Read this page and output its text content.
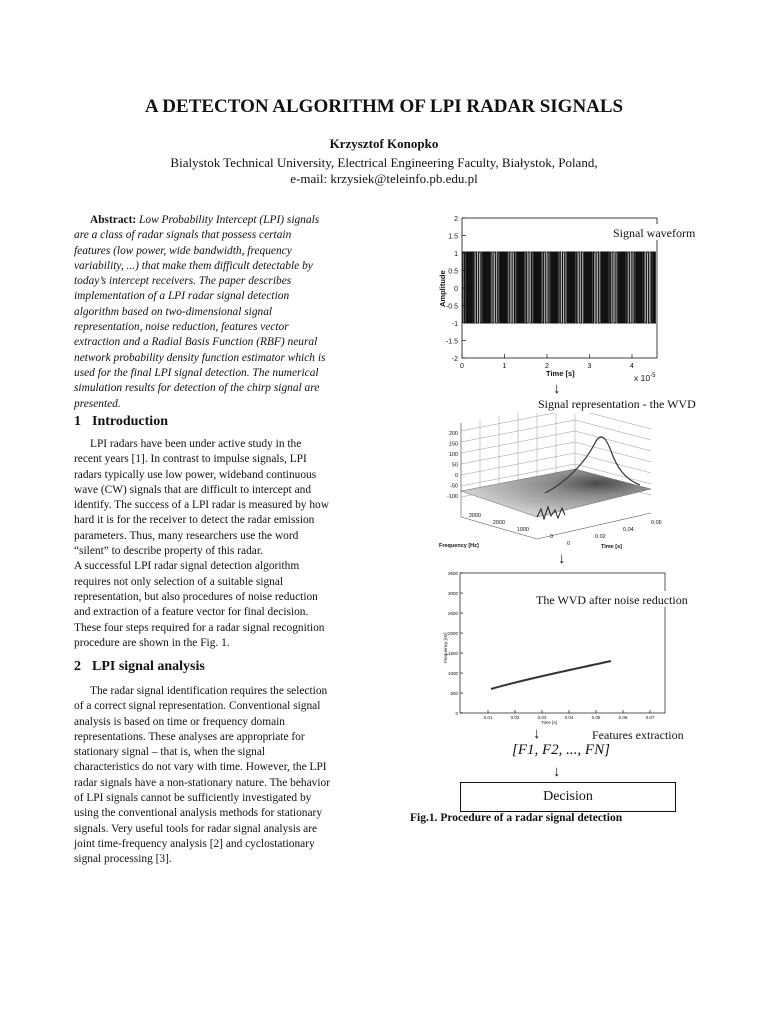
A DETECTON ALGORITHM OF LPI RADAR SIGNALS
Krzysztof Konopko
Bialystok Technical University, Electrical Engineering Faculty, Białystok, Poland,
e-mail: krzysiek@teleinfo.pb.edu.pl
Abstract: Low Probability Intercept (LPI) signals
are a class of radar signals that possess certain
features (low power, wide bandwidth, frequency
variability, ...) that make them difficult detectable by
today’s intercept receivers. The paper describes
implementation of a LPI radar signal detection
algorithm based on two-dimensional signal
representation, noise reduction, features vector
extraction and a Radial Basis Function (RBF) neural
network probability density function estimator which is
used for the final LPI signal detection. The numerical
simulation results for detection of the chirp signal are
presented.
1 Introduction
LPI radars have been under active study in the
recent years [1]. In contrast to impulse signals, LPI
radars typically use low power, wideband continuous
wave (CW) signals that are difficult to intercept and
identify. The success of a LPI radar is measured by how
hard it is for the receiver to detect the radar emission
parameters. Thus, many researchers use the word
“silent” to describe property of this radar.
A successful LPI radar signal detection algorithm
requires not only selection of a suitable signal
representation, but also procedures of noise reduction
and extraction of a feature vector for final decision.
These four steps required for a radar signal recognition
procedure are shown in the Fig. 1.
2 LPI signal analysis
The radar signal identification requires the selection
of a correct signal representation. Conventional signal
analysis is based on time or frequency domain
representations. These analyses are appropriate for
stationary signal – that is, when the signal
characteristics do not vary with time. However, the LPI
radar signals have a non-stationary nature. The behavior
of LPI signals cannot be sufficiently investigated by
using the conventional analysis methods for stationary
signals. Very useful tools for radar signal analysis are
joint time-frequency analysis [2] and cyclostationary
signal processing [3].
2
1.5
1
0.5
0
-0.5
-1
-1.5
-2
0	1	2	3	4
Signal waveform
Amplitude
Time [s]	x $10^{-5}$
↓
Signal representation - the WVD
200
150
100
50
0
-50
-100
3000
2000
1000
0
0.06
0.04
0.02
0
Frequency [Hz]	Time [s]
↓
3500
3000
2500
2000
1500
1000
500
0
0.01	0.02	0.03	0.04	0.05	0.06	0.07
The WVD after noise reduction
Frequency [Hz]
Time [s]
↓	Features extraction
[F1, F2, ..., FN]
↓
Decision
Fig.1. Procedure of a radar signal detection
